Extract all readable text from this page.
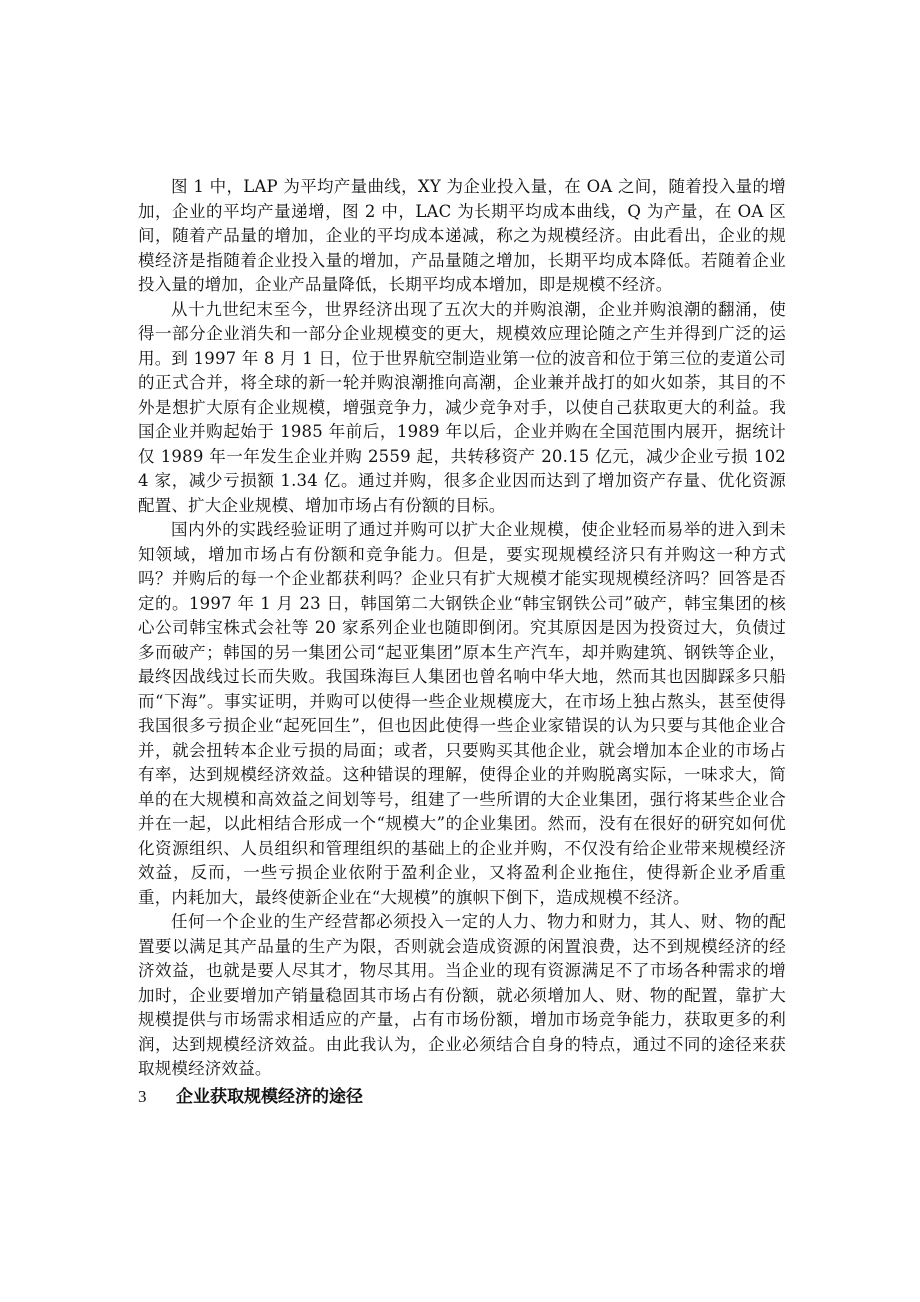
图 1 中，LAP 为平均产量曲线，XY 为企业投入量，在 OA 之间，随着投入量的增加，企业的平均产量递增，图 2 中，LAC 为长期平均成本曲线，Q 为产量，在 OA 区间，随着产品量的增加，企业的平均成本递减，称之为规模经济。由此看出，企业的规模经济是指随着企业投入量的增加，产品量随之增加，长期平均成本降低。若随着企业投入量的增加，企业产品量降低，长期平均成本增加，即是规模不经济。

从十九世纪末至今，世界经济出现了五次大的并购浪潮，企业并购浪潮的翻涌，使得一部分企业消失和一部分企业规模变的更大，规模效应理论随之产生并得到广泛的运用。到 1997 年 8 月 1 日，位于世界航空制造业第一位的波音和位于第三位的麦道公司的正式合并，将全球的新一轮并购浪潮推向高潮，企业兼并战打的如火如荼，其目的不外是想扩大原有企业规模，增强竞争力，减少竞争对手，以使自己获取更大的利益。我国企业并购起始于 1985 年前后，1989 年以后，企业并购在全国范围内展开，据统计仅 1989 年一年发生企业并购 2559 起，共转移资产 20.15 亿元，减少企业亏损 1024 家，减少亏损额 1.34 亿。通过并购，很多企业因而达到了增加资产存量、优化资源配置、扩大企业规模、增加市场占有份额的目标。

国内外的实践经验证明了通过并购可以扩大企业规模，使企业轻而易举的进入到未知领域，增加市场占有份额和竞争能力。但是，要实现规模经济只有并购这一种方式吗？并购后的每一个企业都获利吗？企业只有扩大规模才能实现规模经济吗？回答是否定的。1997 年 1 月 23 日，韩国第二大钢铁企业“韩宝钢铁公司”破产，韩宝集团的核心公司韩宝株式会社等 20 家系列企业也随即倒闭。究其原因是因为投资过大，负债过多而破产；韩国的另一集团公司“起亚集团”原本生产汽车，却并购建筑、钢铁等企业，最终因战线过长而失败。我国珠海巨人集团也曾名响中华大地，然而其也因脚踩多只船而“下海”。事实证明，并购可以使得一些企业规模庞大，在市场上独占熬头，甚至使得我国很多亏损企业“起死回生”，但也因此使得一些企业家错误的认为只要与其他企业合并，就会扭转本企业亏损的局面；或者，只要购买其他企业，就会增加本企业的市场占有率，达到规模经济效益。这种错误的理解，使得企业的并购脱离实际，一味求大，简单的在大规模和高效益之间划等号，组建了一些所谓的大企业集团，强行将某些企业合并在一起，以此相结合形成一个“规模大”的企业集团。然而，没有在很好的研究如何优化资源组织、人员组织和管理组织的基础上的企业并购，不仅没有给企业带来规模经济效益，反而，一些亏损企业依附于盈利企业，又将盈利企业拖住，使得新企业矛盾重重，内耗加大，最终使新企业在“大规模”的旗帜下倒下，造成规模不经济。

任何一个企业的生产经营都必须投入一定的人力、物力和财力，其人、财、物的配置要以满足其产品量的生产为限，否则就会造成资源的闲置浪费，达不到规模经济的经济效益，也就是要人尽其才，物尽其用。当企业的现有资源满足不了市场各种需求的增加时，企业要增加产销量稳固其市场占有份额，就必须增加人、财、物的配置，靠扩大规模提供与市场需求相适应的产量，占有市场份额，增加市场竞争能力，获取更多的利润，达到规模经济效益。由此我认为，企业必须结合自身的特点，通过不同的途径来获取规模经济效益。

3	企业获取规模经济的途径
